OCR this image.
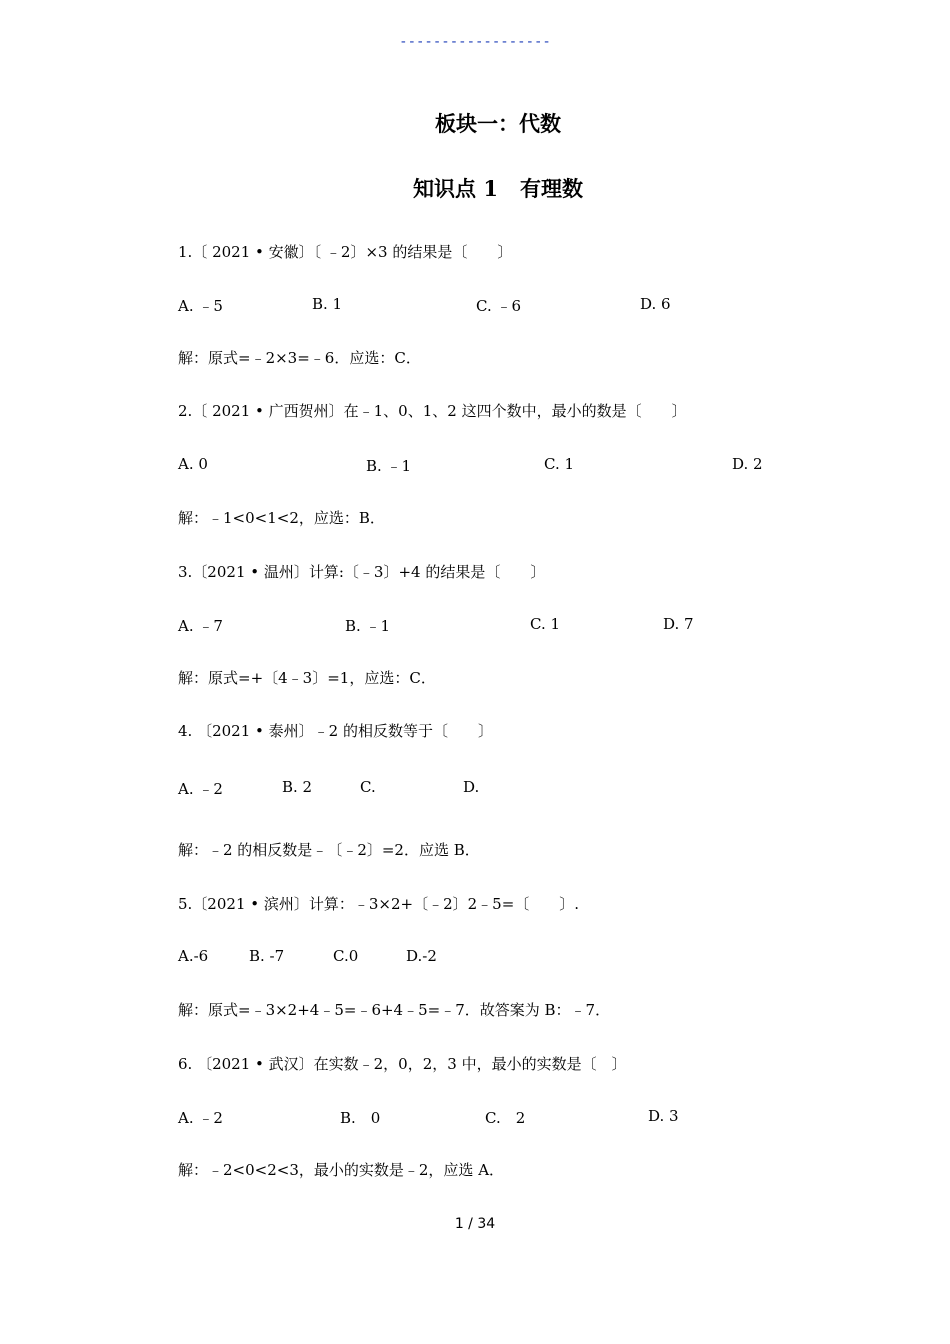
------------------
板块一：代数
知识点 1 有理数
1.〔 2021 • 安徽〕〔 ﹣2〕×3 的结果是〔　　〕
A. ﹣5	B. 1	C. ﹣6	D. 6
解：原式=﹣2×3=﹣6．应选：C．
2.〔 2021 • 广西贺州〕在﹣1、0、1、2 这四个数中，最小的数是〔　　〕
A. 0	B. ﹣1	C. 1	D. 2
解：﹣1<0<1<2，应选：B．
3.〔2021 • 温州〕计算:〔﹣3〕+4 的结果是〔　　〕
A. ﹣7	B. ﹣1	C. 1	D. 7
解：原式=+〔4﹣3〕=1，应选：C．
4. 〔2021 • 泰州〕﹣2 的相反数等于〔　　〕
A. ﹣2	B. 2	C.	D.
解：﹣2 的相反数是﹣〔﹣2〕=2．应选 B．
5.〔2021 • 滨州〕计算：﹣3×2+〔﹣2〕2﹣5=〔　　〕.
A.-6	B. -7	C.0	D.-2
解：原式=﹣3×2+4﹣5=﹣6+4﹣5=﹣7．故答案为 B：﹣7．
6. 〔2021 • 武汉〕在实数﹣2，0，2，3 中，最小的实数是〔　〕
A. ﹣2	B.　0	C.　2	D. 3
解：﹣2<0<2<3，最小的实数是﹣2，应选 A．
1 / 34
